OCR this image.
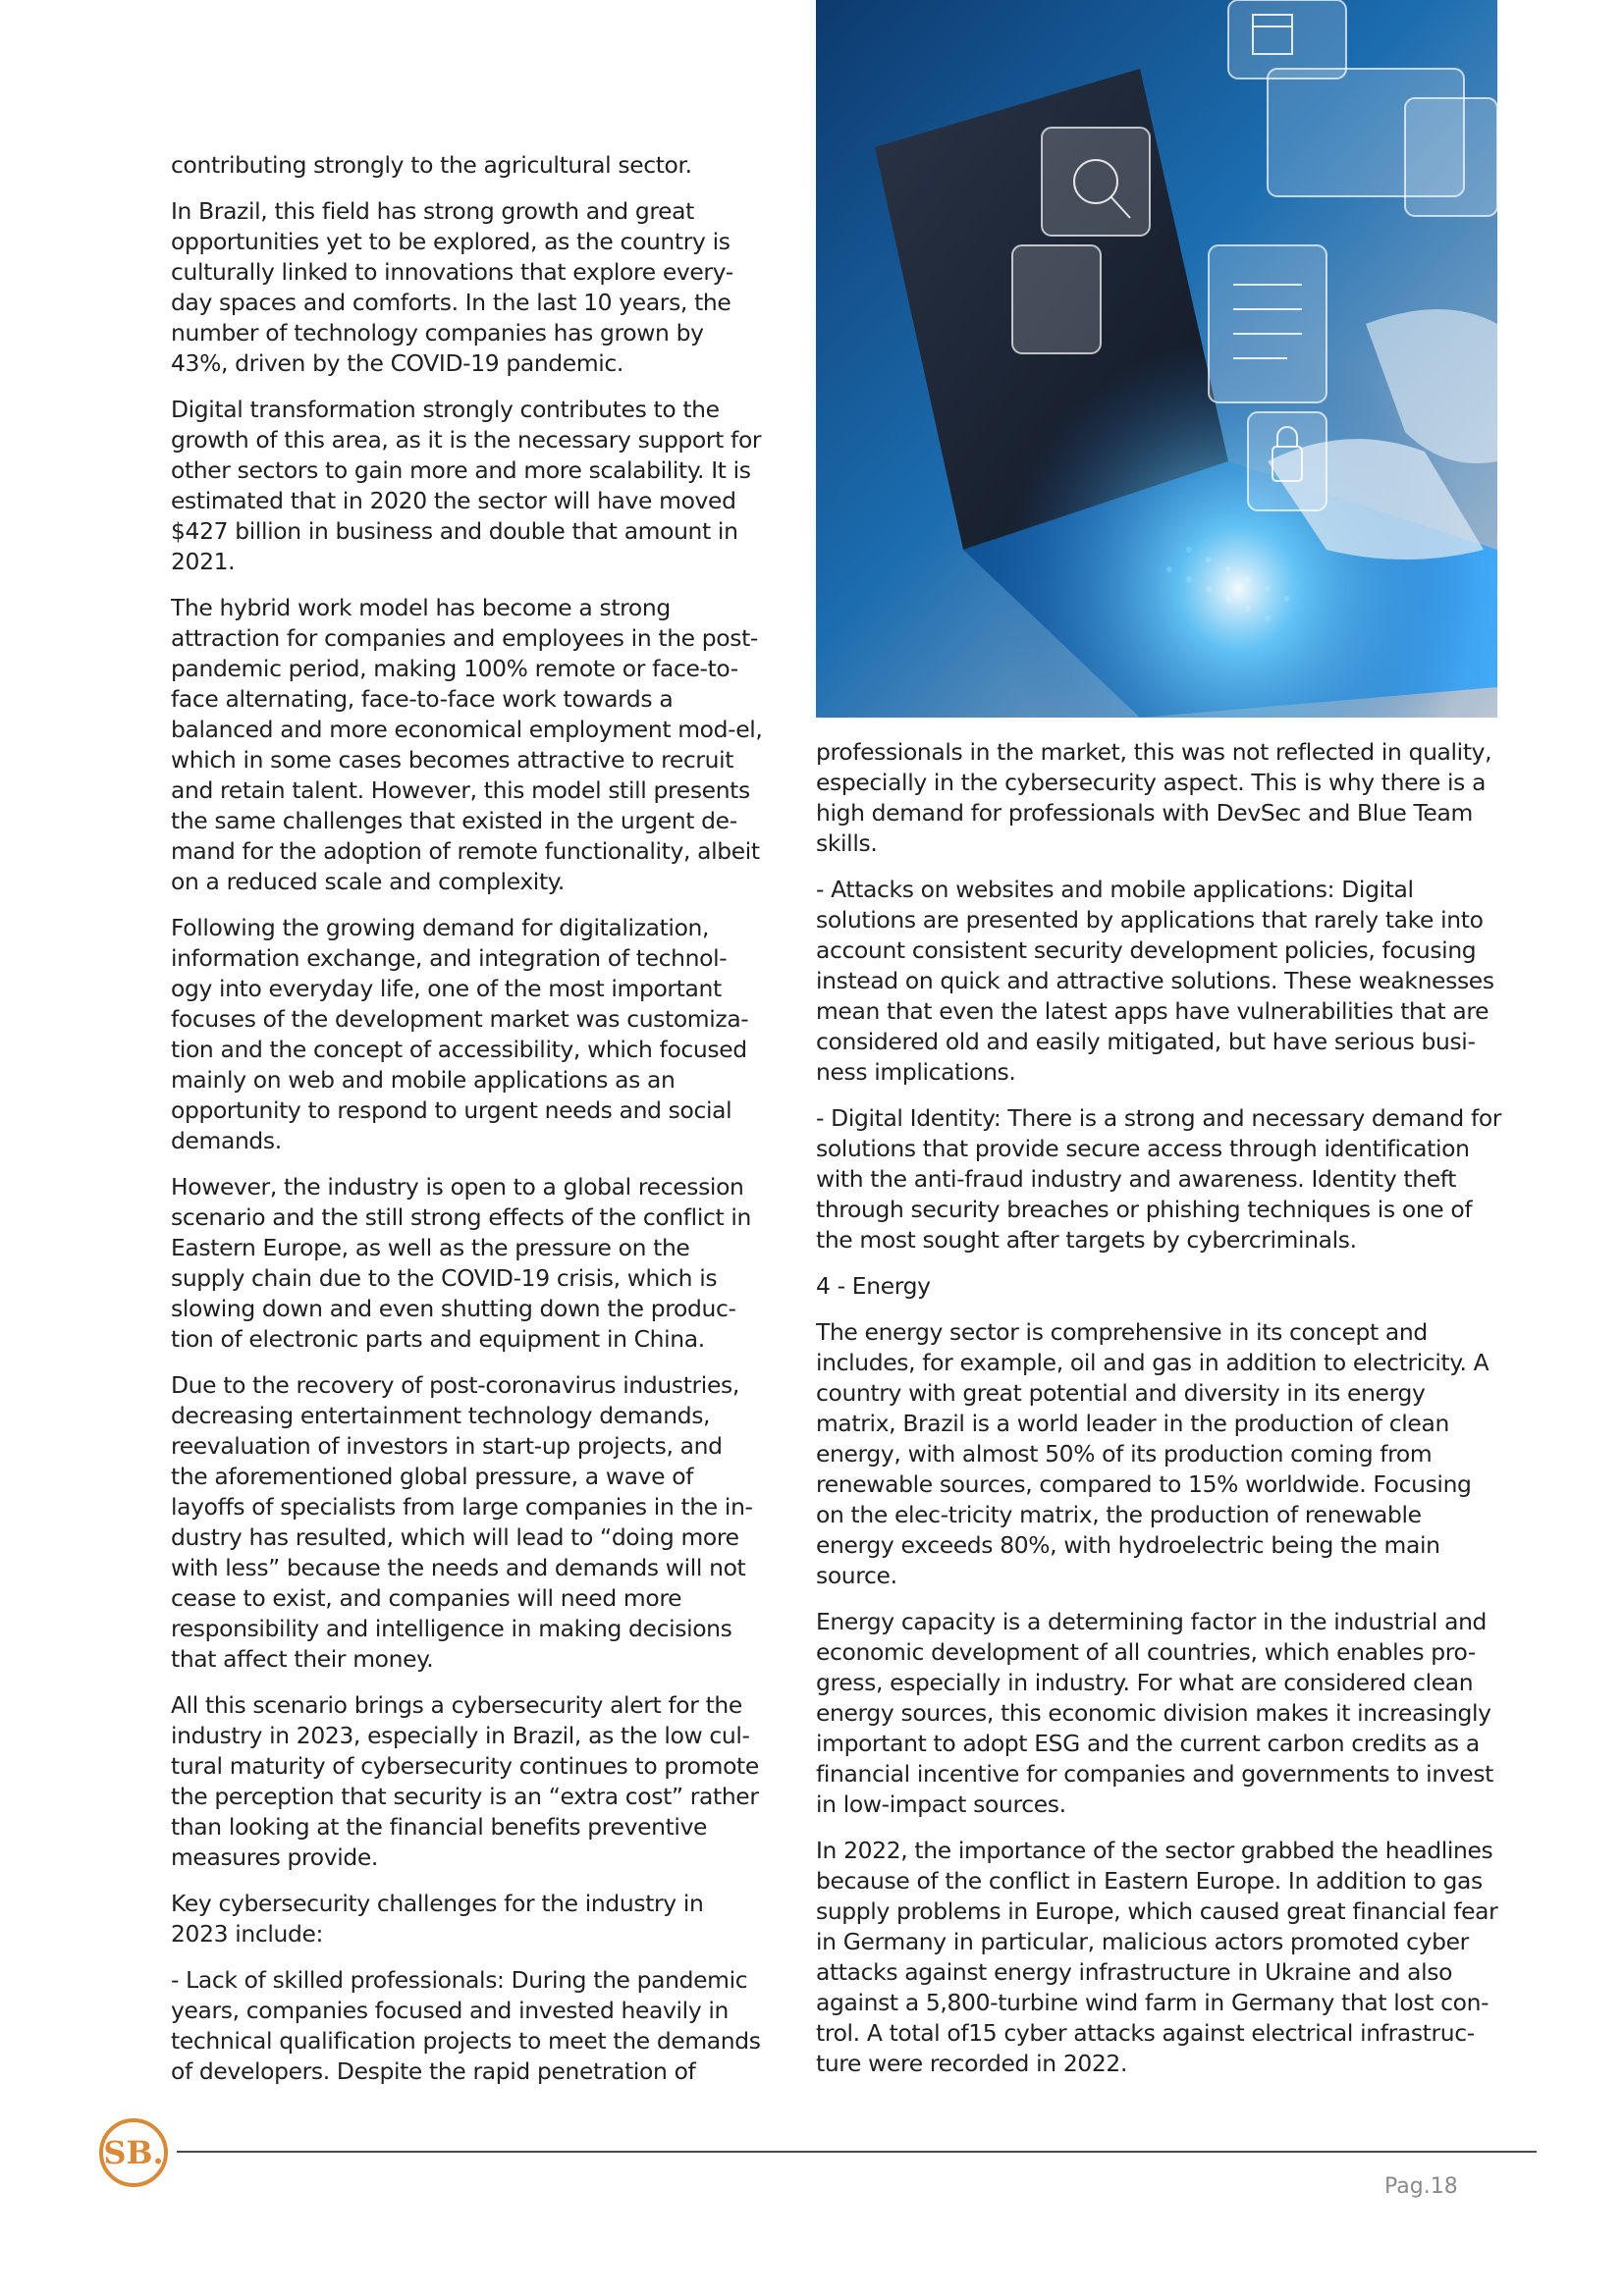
contributing strongly to the agricultural sector.

In Brazil, this field has strong growth and great opportunities yet to be explored, as the country is culturally linked to innovations that explore every-day spaces and comforts. In the last 10 years, the number of technology companies has grown by 43%, driven by the COVID-19 pandemic.

Digital transformation strongly contributes to the growth of this area, as it is the necessary support for other sectors to gain more and more scalability. It is estimated that in 2020 the sector will have moved $427 billion in business and double that amount in 2021.

The hybrid work model has become a strong attraction for companies and employees in the post-pandemic period, making 100% remote or face-to-face alternating, face-to-face work towards a balanced and more economical employment mod-el, which in some cases becomes attractive to recruit and retain talent. However, this model still presents the same challenges that existed in the urgent de-mand for the adoption of remote functionality, albeit on a reduced scale and complexity.

Following the growing demand for digitalization, information exchange, and integration of technol-ogy into everyday life, one of the most important focuses of the development market was customiza-tion and the concept of accessibility, which focused mainly on web and mobile applications as an opportunity to respond to urgent needs and social demands.

However, the industry is open to a global recession scenario and the still strong effects of the conflict in Eastern Europe, as well as the pressure on the supply chain due to the COVID-19 crisis, which is slowing down and even shutting down the produc-tion of electronic parts and equipment in China.

Due to the recovery of post-coronavirus industries, decreasing entertainment technology demands, reevaluation of investors in start-up projects, and the aforementioned global pressure, a wave of layoffs of specialists from large companies in the in-dustry has resulted, which will lead to “doing more with less” because the needs and demands will not cease to exist, and companies will need more responsibility and intelligence in making decisions that affect their money.

All this scenario brings a cybersecurity alert for the industry in 2023, especially in Brazil, as the low cul-tural maturity of cybersecurity continues to promote the perception that security is an “extra cost” rather than looking at the financial benefits preventive measures provide.

Key cybersecurity challenges for the industry in 2023 include:

- Lack of skilled professionals: During the pandemic years, companies focused and invested heavily in technical qualification projects to meet the demands of developers. Despite the rapid penetration of

professionals in the market, this was not reflected in quality, especially in the cybersecurity aspect. This is why there is a high demand for professionals with DevSec and Blue Team skills.

- Attacks on websites and mobile applications: Digital solutions are presented by applications that rarely take into account consistent security development policies, focusing instead on quick and attractive solutions. These weaknesses mean that even the latest apps have vulnerabilities that are considered old and easily mitigated, but have serious busi-ness implications.

- Digital Identity: There is a strong and necessary demand for solutions that provide secure access through identification with the anti-fraud industry and awareness. Identity theft through security breaches or phishing techniques is one of the most sought after targets by cybercriminals.

4 - Energy

The energy sector is comprehensive in its concept and includes, for example, oil and gas in addition to electricity. A country with great potential and diversity in its energy matrix, Brazil is a world leader in the production of clean energy, with almost 50% of its production coming from renewable sources, compared to 15% worldwide. Focusing on the elec-tricity matrix, the production of renewable energy exceeds 80%, with hydroelectric being the main source.

Energy capacity is a determining factor in the industrial and economic development of all countries, which enables pro-gress, especially in industry. For what are considered clean energy sources, this economic division makes it increasingly important to adopt ESG and the current carbon credits as a financial incentive for companies and governments to invest in low-impact sources.

In 2022, the importance of the sector grabbed the headlines because of the conflict in Eastern Europe. In addition to gas supply problems in Europe, which caused great financial fear in Germany in particular, malicious actors promoted cyber attacks against energy infrastructure in Ukraine and also against a 5,800-turbine wind farm in Germany that lost con-trol. A total of15 cyber attacks against electrical infrastruc-ture were recorded in 2022.

SB.
Pag.18
